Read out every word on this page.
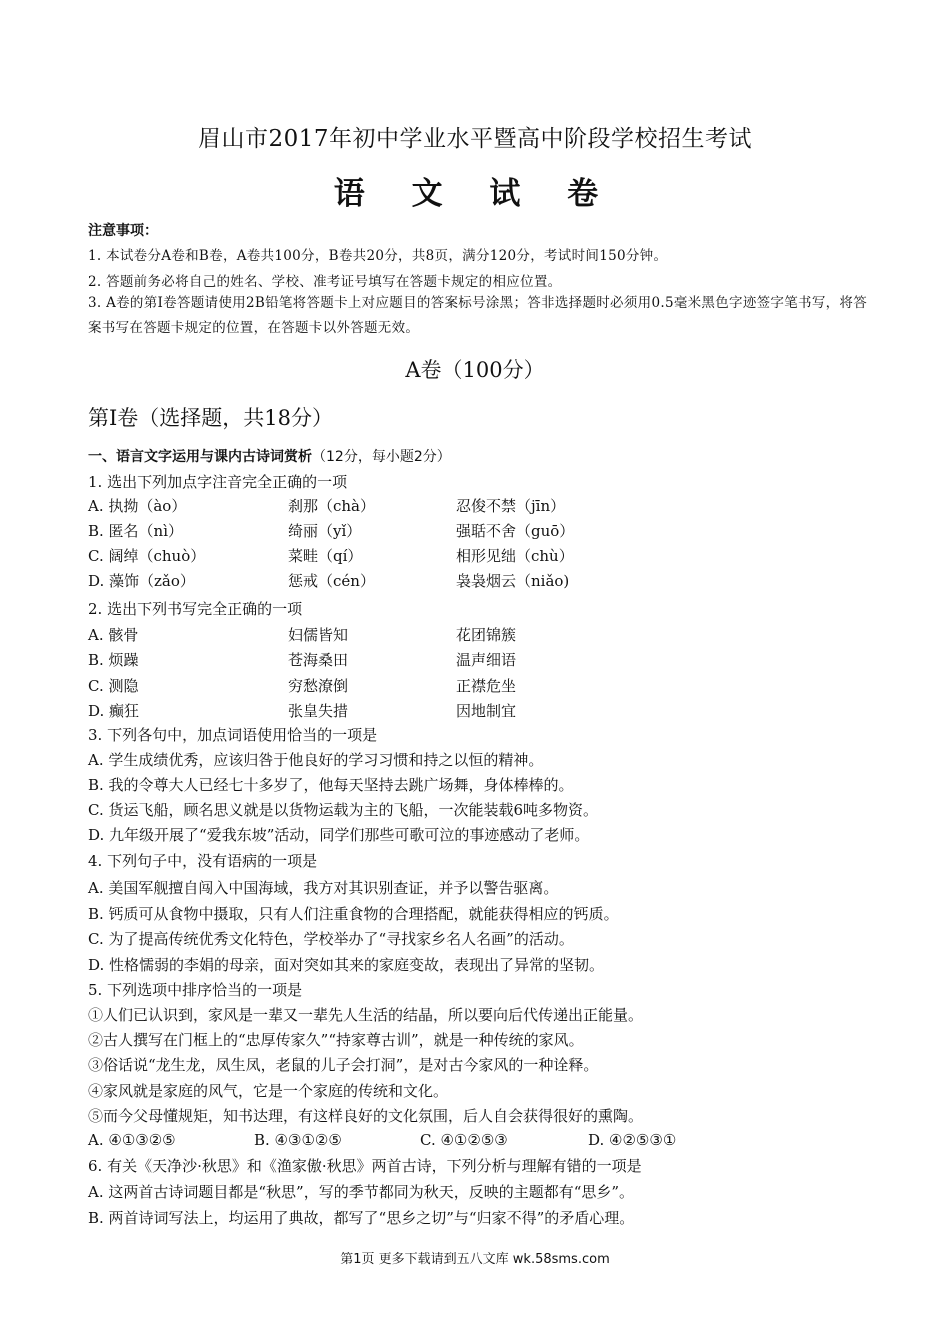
眉山市2017年初中学业水平暨高中阶段学校招生考试
语 文 试 卷
注意事项：
1. 本试卷分A卷和B卷，A卷共100分，B卷共20分，共8页，满分120分，考试时间150分钟。
2. 答题前务必将自己的姓名、学校、准考证号填写在答题卡规定的相应位置。
3. A卷的第Ⅰ卷答题请使用2B铅笔将答题卡上对应题目的答案标号涂黑；答非选择题时必须用0.5毫米黑色字迹签字笔书写，将答案书写在答题卡规定的位置，在答题卡以外答题无效。
A卷（100分）
第I卷（选择题，共18分）
一、语言文字运用与课内古诗词赏析（12分，每小题2分）
1. 选出下列加点字注音完全正确的一项
A. 执拗（ào）	刹那（chà）	忍俊不禁（jīn）
B. 匿名（nì）	绮丽（yǐ）	强聒不舍（guō）
C. 阔绰（chuò）	菜畦（qí）	相形见绌（chù）
D. 藻饰（zǎo）	惩戒（cén）	袅袅烟云（niǎo)
2. 选出下列书写完全正确的一项
A. 骸骨	妇儒皆知	花团锦簇
B. 烦躁	苍海桑田	温声细语
C. 测隐	穷愁潦倒	正襟危坐
D. 癫狂	张皇失措	因地制宜
3. 下列各句中，加点词语使用恰当的一项是
A. 学生成绩优秀，应该归咎于他良好的学习习惯和持之以恒的精神。
B. 我的令尊大人已经七十多岁了，他每天坚持去跳广场舞，身体棒棒的。
C. 货运飞船，顾名思义就是以货物运载为主的飞船，一次能装载6吨多物资。
D. 九年级开展了“爱我东坡”活动，同学们那些可歌可泣的事迹感动了老师。
4. 下列句子中，没有语病的一项是
A. 美国军舰擅自闯入中国海域，我方对其识别查证，并予以警告驱离。
B. 钙质可从食物中摄取，只有人们注重食物的合理搭配，就能获得相应的钙质。
C. 为了提高传统优秀文化特色，学校举办了“寻找家乡名人名画”的活动。
D. 性格懦弱的李娟的母亲，面对突如其来的家庭变故，表现出了异常的坚韧。
5. 下列选项中排序恰当的一项是
①人们已认识到，家风是一辈又一辈先人生活的结晶，所以要向后代传递出正能量。
②古人撰写在门框上的“忠厚传家久”“持家尊古训”，就是一种传统的家风。
③俗话说“龙生龙，凤生凤，老鼠的儿子会打洞”，是对古今家风的一种诠释。
④家风就是家庭的风气，它是一个家庭的传统和文化。
⑤而今父母懂规矩，知书达理，有这样良好的文化氛围，后人自会获得很好的熏陶。
A. ④①③②⑤	B. ④③①②⑤	C. ④①②⑤③	D. ④②⑤③①
6. 有关《天净沙·秋思》和《渔家傲·秋思》两首古诗，下列分析与理解有错的一项是
A. 这两首古诗词题目都是“秋思”，写的季节都同为秋天，反映的主题都有“思乡”。
B. 两首诗词写法上，均运用了典故，都写了“思乡之切”与“归家不得”的矛盾心理。
第1页 更多下载请到五八文库 wk.58sms.com
